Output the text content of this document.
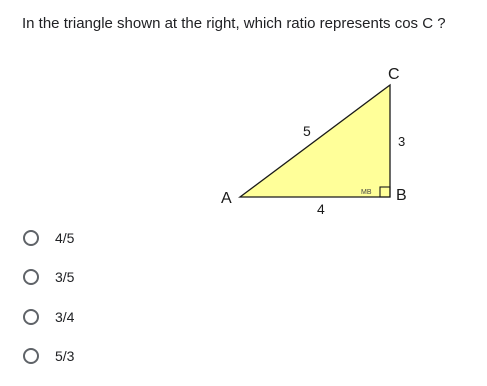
In the triangle shown at the right, which ratio represents cos C ?
MB
A	B
C
5
3
4
4/5
3/5
3/4
5/3
